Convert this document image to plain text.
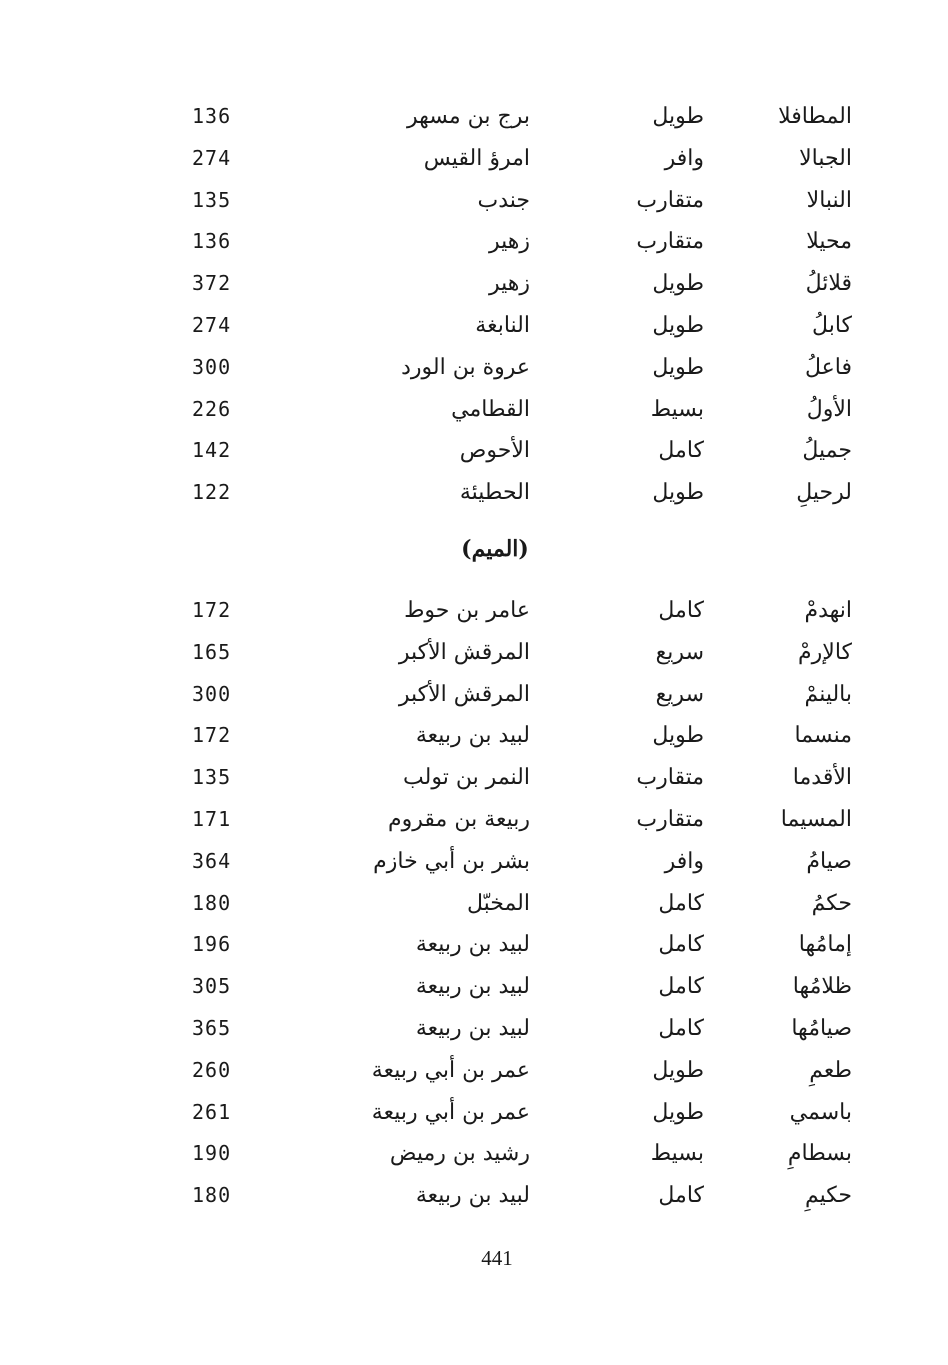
المطافلا
طويل
برج بن مسهر
136
الجبالا
وافر
امرؤ القيس
274
النبالا
متقارب
جندب
135
محيلا
متقارب
زهير
136
قلائلُ
طويل
زهير
372
كابلُ
طويل
النابغة
274
فاعلُ
طويل
عروة بن الورد
300
الأولُ
بسيط
القطامي
226
جميلُ
كامل
الأحوص
142
لرحيلِ
طويل
الحطيئة
122
(الميم)
انهدمْ
كامل
عامر بن حوط
172
كالإرمْ
سريع
المرقش الأكبر
165
بالينمْ
سريع
المرقش الأكبر
300
منسما
طويل
لبيد بن ربيعة
172
الأقدما
متقارب
النمر بن تولب
135
المسيما
متقارب
ربيعة بن مقروم
171
صيامُ
وافر
بشر بن أبي خازم
364
حكمُ
كامل
المخبّل
180
إمامُها
كامل
لبيد بن ربيعة
196
ظلامُها
كامل
لبيد بن ربيعة
305
صيامُها
كامل
لبيد بن ربيعة
365
طعمِ
طويل
عمر بن أبي ربيعة
260
باسمي
طويل
عمر بن أبي ربيعة
261
بسطامِ
بسيط
رشيد بن رميض
190
حكيمِ
كامل
لبيد بن ربيعة
180
441
